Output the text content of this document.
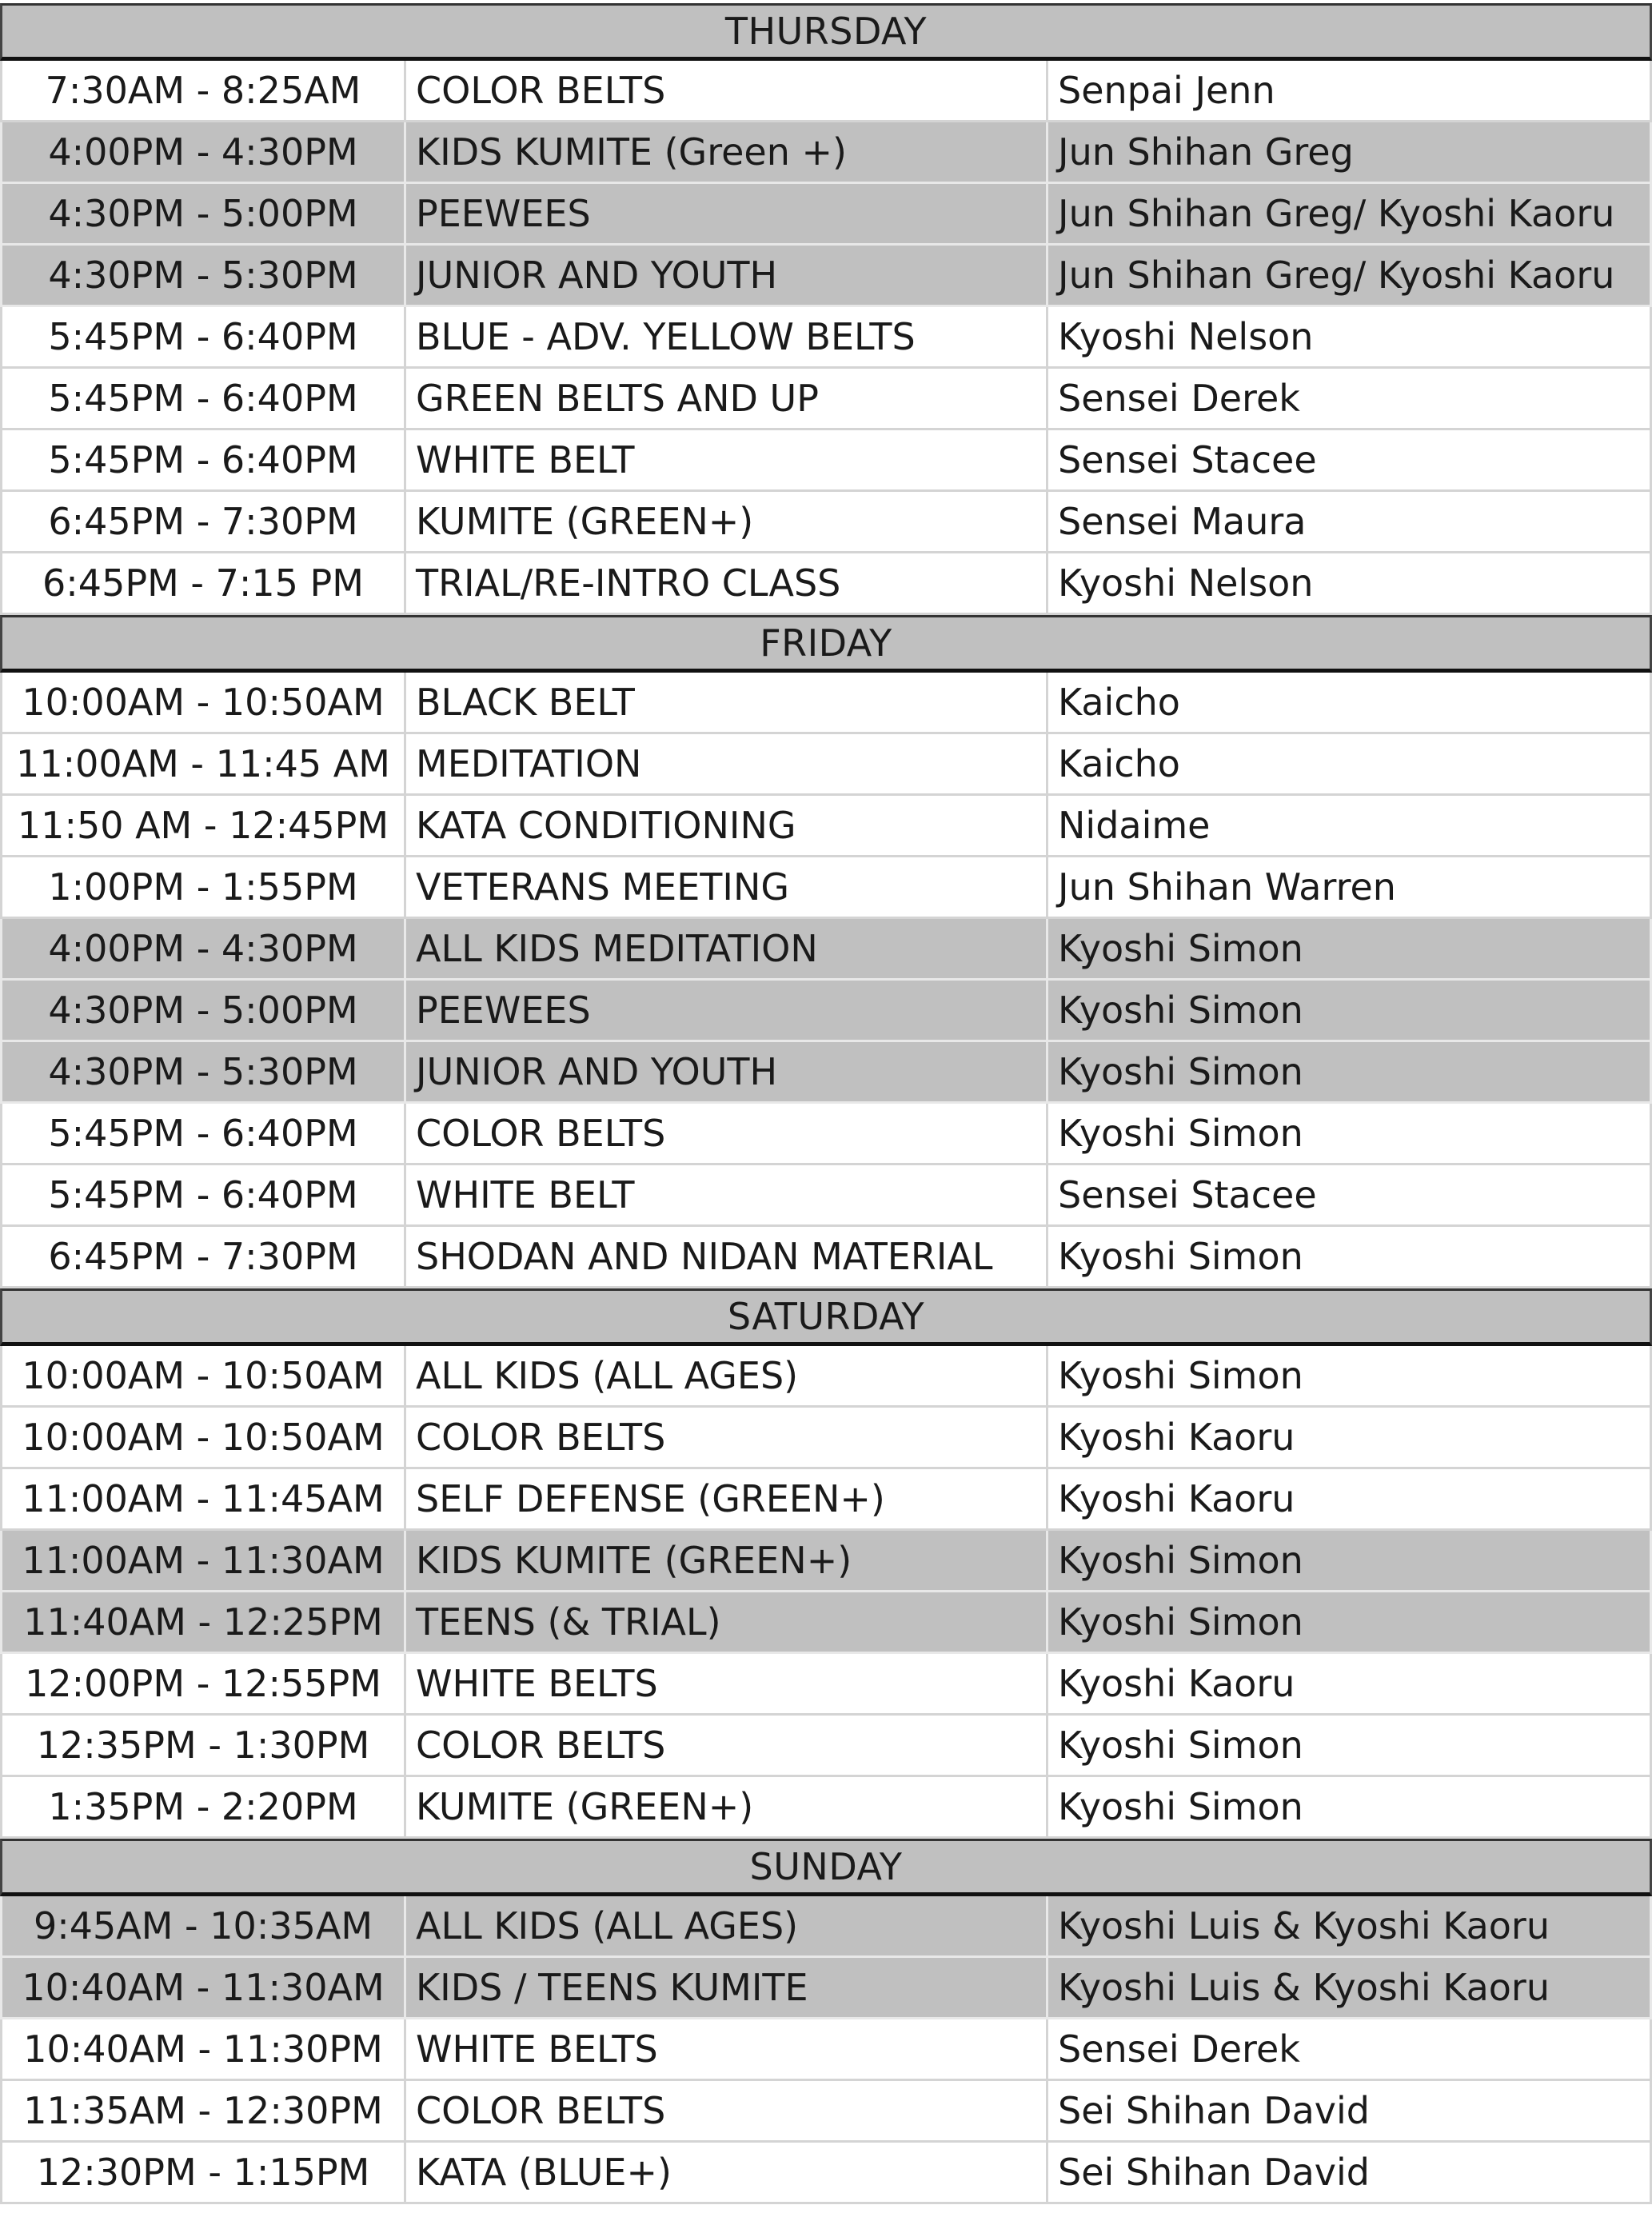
THURSDAY
7:30AM - 8:25AM	COLOR BELTS	Senpai Jenn
4:00PM - 4:30PM	KIDS KUMITE (Green +)	Jun Shihan Greg
4:30PM - 5:00PM	PEEWEES	Jun Shihan Greg/ Kyoshi Kaoru
4:30PM - 5:30PM	JUNIOR AND YOUTH	Jun Shihan Greg/ Kyoshi Kaoru
5:45PM - 6:40PM	BLUE - ADV. YELLOW BELTS	Kyoshi Nelson
5:45PM - 6:40PM	GREEN BELTS AND UP	Sensei Derek
5:45PM - 6:40PM	WHITE BELT	Sensei Stacee
6:45PM - 7:30PM	KUMITE (GREEN+)	Sensei Maura
6:45PM - 7:15 PM	TRIAL/RE-INTRO CLASS	Kyoshi Nelson
FRIDAY
10:00AM - 10:50AM BLACK BELT	Kaicho
11:00AM - 11:45 AM MEDITATION	Kaicho
11:50 AM - 12:45PM KATA CONDITIONING	Nidaime
1:00PM - 1:55PM	VETERANS MEETING	Jun Shihan Warren
4:00PM - 4:30PM	ALL KIDS MEDITATION	Kyoshi Simon
4:30PM - 5:00PM	PEEWEES	Kyoshi Simon
4:30PM - 5:30PM	JUNIOR AND YOUTH	Kyoshi Simon
5:45PM - 6:40PM	COLOR BELTS	Kyoshi Simon
5:45PM - 6:40PM	WHITE BELT	Sensei Stacee
6:45PM - 7:30PM	SHODAN AND NIDAN MATERIAL	Kyoshi Simon
SATURDAY
10:00AM - 10:50AM ALL KIDS (ALL AGES)	Kyoshi Simon
10:00AM - 10:50AM COLOR BELTS	Kyoshi Kaoru
11:00AM - 11:45AM SELF DEFENSE (GREEN+)	Kyoshi Kaoru
11:00AM - 11:30AM KIDS KUMITE (GREEN+)	Kyoshi Simon
11:40AM - 12:25PM TEENS (& TRIAL)	Kyoshi Simon
12:00PM - 12:55PM WHITE BELTS	Kyoshi Kaoru
12:35PM - 1:30PM	COLOR BELTS	Kyoshi Simon
1:35PM - 2:20PM	KUMITE (GREEN+)	Kyoshi Simon
SUNDAY
9:45AM - 10:35AM	ALL KIDS (ALL AGES)	Kyoshi Luis & Kyoshi Kaoru
10:40AM - 11:30AM KIDS / TEENS KUMITE	Kyoshi Luis & Kyoshi Kaoru
10:40AM - 11:30PM WHITE BELTS	Sensei Derek
11:35AM - 12:30PM COLOR BELTS	Sei Shihan David
12:30PM - 1:15PM	KATA (BLUE+)	Sei Shihan David
